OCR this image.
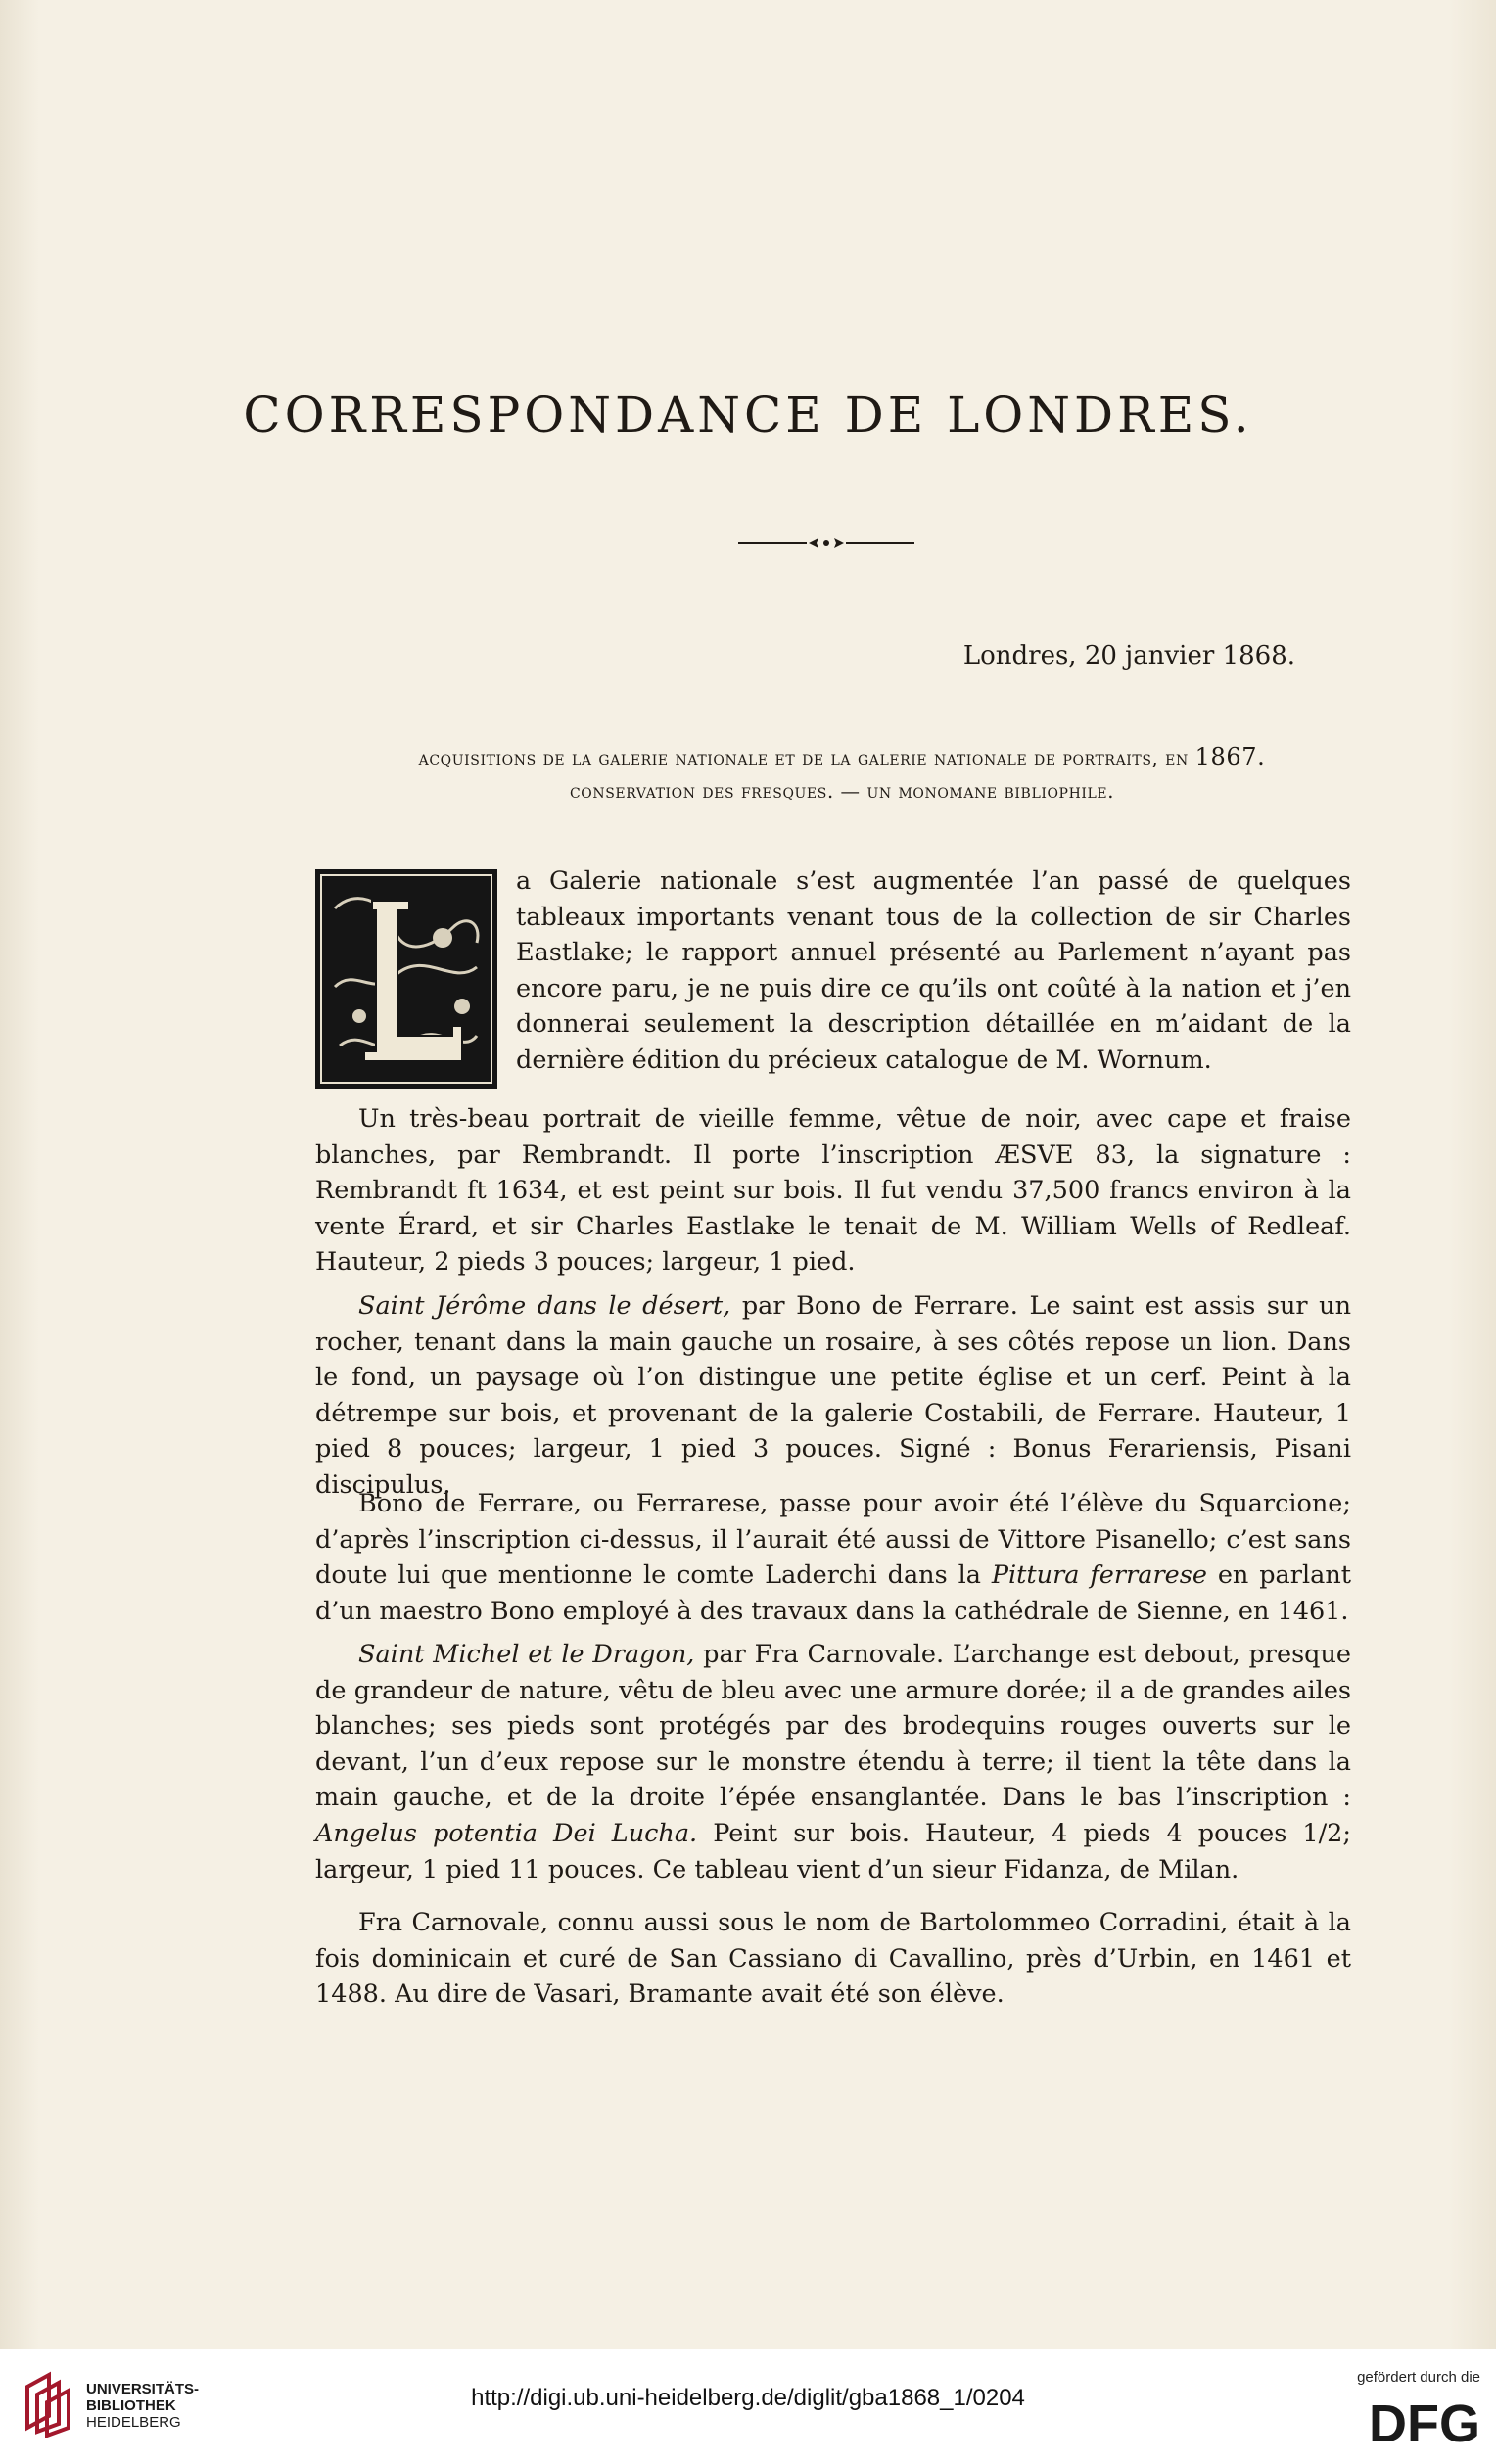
CORRESPONDANCE DE LONDRES.
Londres, 20 janvier 1868.
acquisitions de la galerie nationale et de la galerie nationale de portraits, en 1867.
conservation des fresques. — un monomane bibliophile.
L
a Galerie nationale s’est augmentée l’an passé de quelques tableaux importants venant tous de la collection de sir Charles Eastlake; le rapport annuel présenté au Parlement n’ayant pas encore paru, je ne puis dire ce qu’ils ont coûté à la nation et j’en donnerai seulement la description détaillée en m’aidant de la dernière édition du précieux catalogue de M. Wornum.
Un très-beau portrait de vieille femme, vêtue de noir, avec cape et fraise blanches, par Rembrandt. Il porte l’inscription ÆSVE 83, la signature : Rembrandt ft 1634, et est peint sur bois. Il fut vendu 37,500 francs environ à la vente Érard, et sir Charles Eastlake le tenait de M. William Wells of Redleaf. Hauteur, 2 pieds 3 pouces; largeur, 1 pied.
Saint Jérôme dans le désert, par Bono de Ferrare. Le saint est assis sur un rocher, tenant dans la main gauche un rosaire, à ses côtés repose un lion. Dans le fond, un paysage où l’on distingue une petite église et un cerf. Peint à la détrempe sur bois, et provenant de la galerie Costabili, de Ferrare. Hauteur, 1 pied 8 pouces; largeur, 1 pied 3 pouces. Signé : Bonus Ferariensis, Pisani discipulus.
Bono de Ferrare, ou Ferrarese, passe pour avoir été l’élève du Squarcione; d’après l’inscription ci-dessus, il l’aurait été aussi de Vittore Pisanello; c’est sans doute lui que mentionne le comte Laderchi dans la Pittura ferrarese en parlant d’un maestro Bono employé à des travaux dans la cathédrale de Sienne, en 1461.
Saint Michel et le Dragon, par Fra Carnovale. L’archange est debout, presque de grandeur de nature, vêtu de bleu avec une armure dorée; il a de grandes ailes blanches; ses pieds sont protégés par des brodequins rouges ouverts sur le devant, l’un d’eux repose sur le monstre étendu à terre; il tient la tête dans la main gauche, et de la droite l’épée ensanglantée. Dans le bas l’inscription : Angelus potentia Dei Lucha. Peint sur bois. Hauteur, 4 pieds 4 pouces 1/2; largeur, 1 pied 11 pouces. Ce tableau vient d’un sieur Fidanza, de Milan.
Fra Carnovale, connu aussi sous le nom de Bartolommeo Corradini, était à la fois dominicain et curé de San Cassiano di Cavallino, près d’Urbin, en 1461 et 1488. Au dire de Vasari, Bramante avait été son élève.
UNIVERSITÄTS-
BIBLIOTHEK
HEIDELBERG
http://digi.ub.uni-heidelberg.de/diglit/gba1868_1/0204
gefördert durch die
DFG
